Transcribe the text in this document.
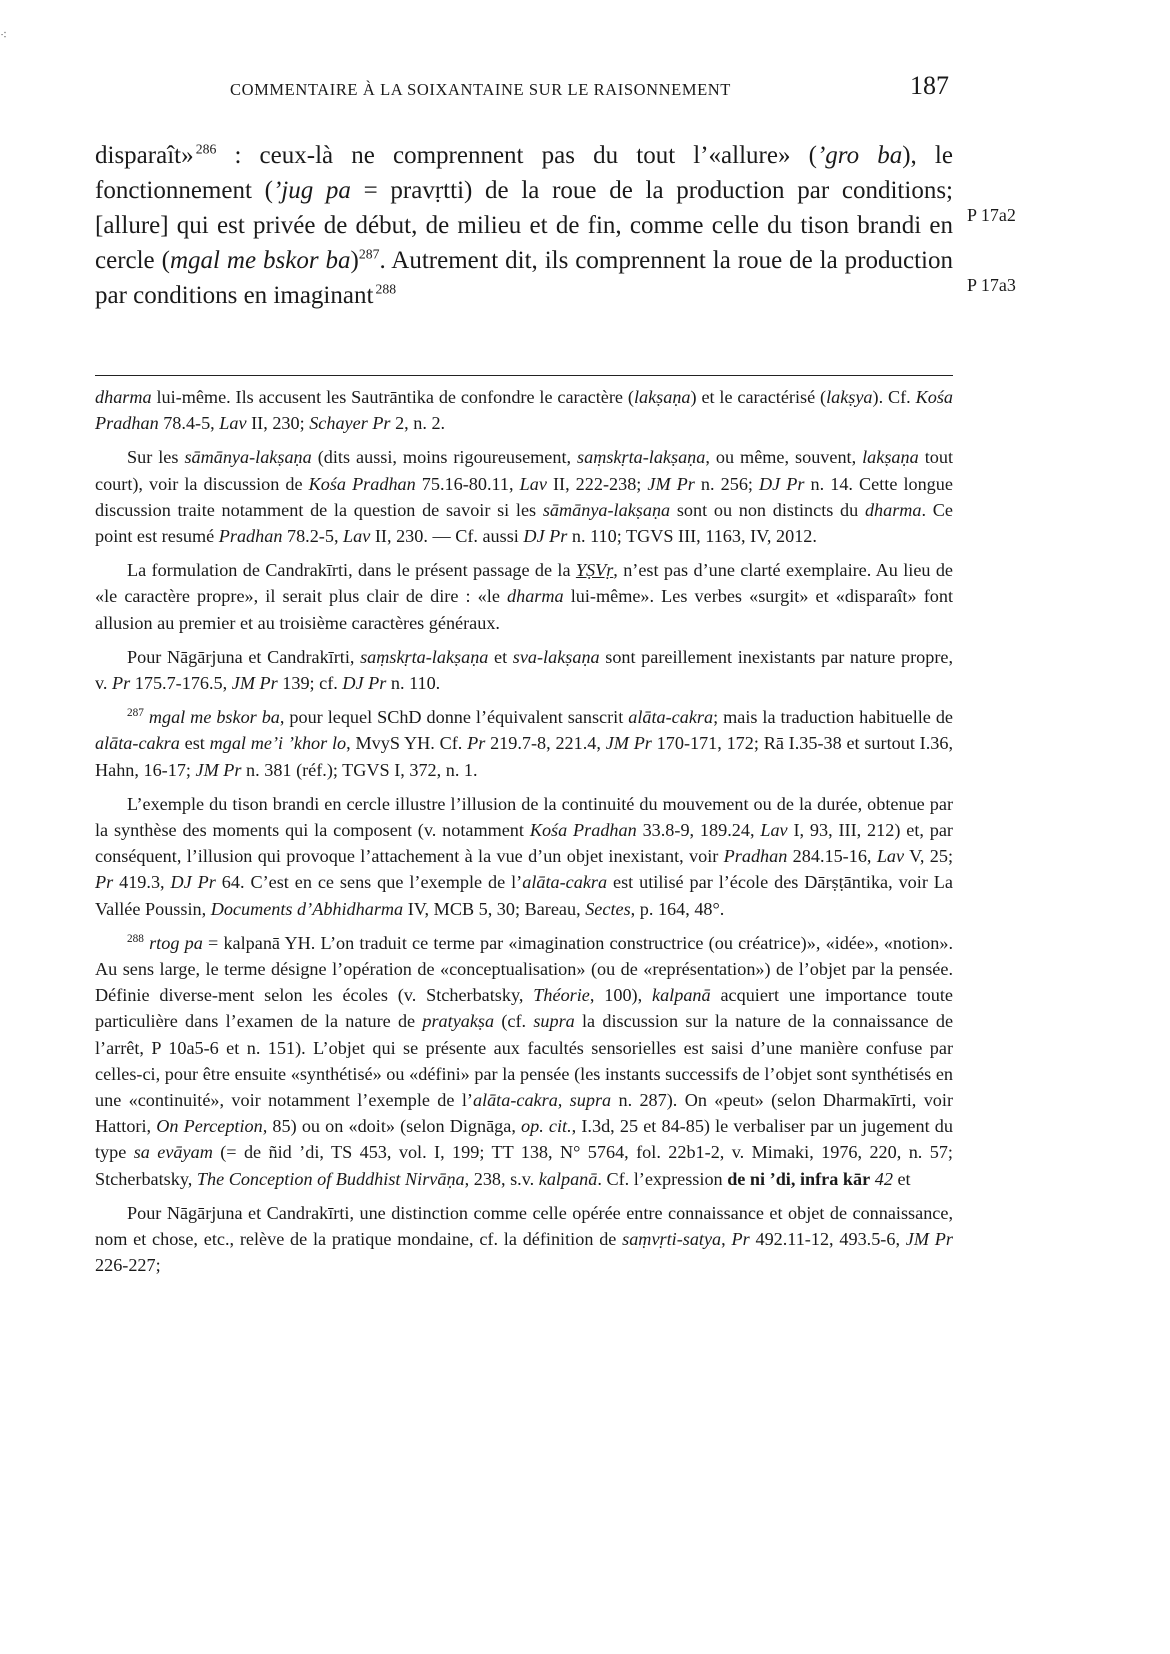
⁖
COMMENTAIRE À LA SOIXANTAINE SUR LE RAISONNEMENT	187

disparaît»  $^{286}$ : ceux-là ne comprennent pas du tout l’«allure» (’gro ba), le fonctionnement (’jug pa = pravṛtti) de la roue de la production par conditions; [allure] qui est privée de début, de milieu et de fin, comme celle du tison brandi en cercle (mgal me bskor ba)$^{287}$. Autrement dit, ils comprennent la roue de la production par conditions en imaginant  $^{288}$

P 17a2
P 17a3

dharma lui-même. Ils accusent les Sautrāntika de confondre le caractère (lakṣaṇa) et le caractérisé (lakṣya). Cf. Kośa Pradhan 78.4-5, Lav II, 230; Schayer Pr 2, n. 2.

Sur les sāmānya-lakṣaṇa (dits aussi, moins rigoureusement, saṃskṛta-lakṣaṇa, ou même, souvent, lakṣaṇa tout court), voir la discussion de Kośa Pradhan 75.16-80.11, Lav II, 222-238; JM Pr n. 256; DJ Pr n. 14. Cette longue discussion traite notamment de la question de savoir si les sāmānya-lakṣaṇa sont ou non distincts du dharma. Ce point est resumé Pradhan 78.2-5, Lav II, 230. — Cf. aussi DJ Pr n. 110; TGVS III, 1163, IV, 2012.

La formulation de Candrakīrti, dans le présent passage de la YṢVṛ, n’est pas d’une clarté exemplaire. Au lieu de «le caractère propre», il serait plus clair de dire : «le dharma lui-même». Les verbes «surgit» et «disparaît» font allusion au premier et au troisième caractères généraux.

Pour Nāgārjuna et Candrakīrti, saṃskṛta-lakṣaṇa et sva-lakṣaṇa sont pareillement inexistants par nature propre, v. Pr 175.7-176.5, JM Pr 139; cf. DJ Pr n. 110.

$^{287}$ mgal me bskor ba, pour lequel SChD donne l’équivalent sanscrit alāta-cakra; mais la traduction habituelle de alāta-cakra est mgal me’i ’khor lo, MvyS YH. Cf. Pr 219.7-8, 221.4, JM Pr 170-171, 172; Rā I.35-38 et surtout I.36, Hahn, 16-17; JM Pr n. 381 (réf.); TGVS I, 372, n. 1.

L’exemple du tison brandi en cercle illustre l’illusion de la continuité du mouvement ou de la durée, obtenue par la synthèse des moments qui la composent (v. notamment Kośa Pradhan 33.8-9, 189.24, Lav I, 93, III, 212) et, par conséquent, l’illusion qui provoque l’attachement à la vue d’un objet inexistant, voir Pradhan 284.15-16, Lav V, 25; Pr 419.3, DJ Pr 64. C’est en ce sens que l’exemple de l’alāta-cakra est utilisé par l’école des Dārṣṭāntika, voir La Vallée Poussin, Documents d’Abhidharma IV, MCB 5, 30; Bareau, Sectes, p. 164, 48°.

$^{288}$ rtog pa = kalpanā YH. L’on traduit ce terme par «imagination constructrice (ou créatrice)», «idée», «notion». Au sens large, le terme désigne l’opération de «conceptualisation» (ou de «représentation») de l’objet par la pensée. Définie diverse-ment selon les écoles (v. Stcherbatsky, Théorie, 100), kalpanā acquiert une importance toute particulière dans l’examen de la nature de pratyakṣa (cf. supra la discussion sur la nature de la connaissance de l’arrêt, P 10a5-6 et n. 151). L’objet qui se présente aux facultés sensorielles est saisi d’une manière confuse par celles-ci, pour être ensuite «synthétisé» ou «défini» par la pensée (les instants successifs de l’objet sont synthétisés en une «continuité», voir notamment l’exemple de l’alāta-cakra, supra n. 287). On «peut» (selon Dharmakīrti, voir Hattori, On Perception, 85) ou on «doit» (selon Dignāga, op. cit., I.3d, 25 et 84-85) le verbaliser par un jugement du type sa evāyam (= de ñid ’di, TS 453, vol. I, 199; TT 138, N° 5764, fol. 22b1-2, v. Mimaki, 1976, 220, n. 57; Stcherbatsky, The Conception of Buddhist Nirvāṇa, 238, s.v. kalpanā. Cf. l’expression de ni ’di, infra kār 42 et

Pour Nāgārjuna et Candrakīrti, une distinction comme celle opérée entre connaissance et objet de connaissance, nom et chose, etc., relève de la pratique mondaine, cf. la définition de saṃvṛti-satya, Pr 492.11-12, 493.5-6, JM Pr 226-227;
